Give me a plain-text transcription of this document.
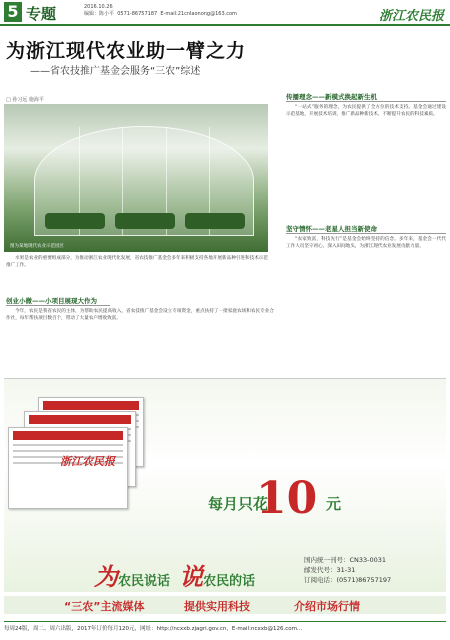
5 专题	2016.10.26
编辑：陈小平 0571-86757187 E-mail:21cnlaonong@163.com	浙江农民报
为浙江现代农业助一臂之力
——省农技推广基金会服务“三农”综述
□ 孙习远 施海平
图为某地现代农业示范园区
传播理念——新模式换起新生机

“一站式”服务的理念，为农民提供了全方位的技术支持。基金会通过建设示范基地，开展技术培训，推广新品种新技术，不断提升农民的科技素质。

坚守情怀——老星人担当新使命

“农家致富，科技先行”是基金会始终坚持的信念。多年来，基金会一代代工作人员坚守初心，深入田间地头，为浙江现代农业发展贡献力量。

水果是农业的重要组成部分，为推动浙江农业现代化发展，省农技推广基金会多年来积极支持各地开展新品种引进和技术示范推广工作。

创业小微——小项目展现大作为

今年，农民是我省农民的主体，为帮助农民提高收入，省农技推广基金会设立专项资金，重点扶持了一批家庭农场和农民专业合作社，每年帮扶项目数百个，带动了大量农户增收致富。

浙江农民报
每月只花
10 元
为农民说话 说农民的话
国内统一刊号：CN33-0031
邮发代号：31-31
订阅电话：(0571)86757197
“三农”主流媒体	提供实用科技	介绍市场行情
每周24版，周二、周六出版，2017年订价每月120元，网址：http://ncxxb.zjagri.gov.cn，E-mail:ncxxb@126.com...
